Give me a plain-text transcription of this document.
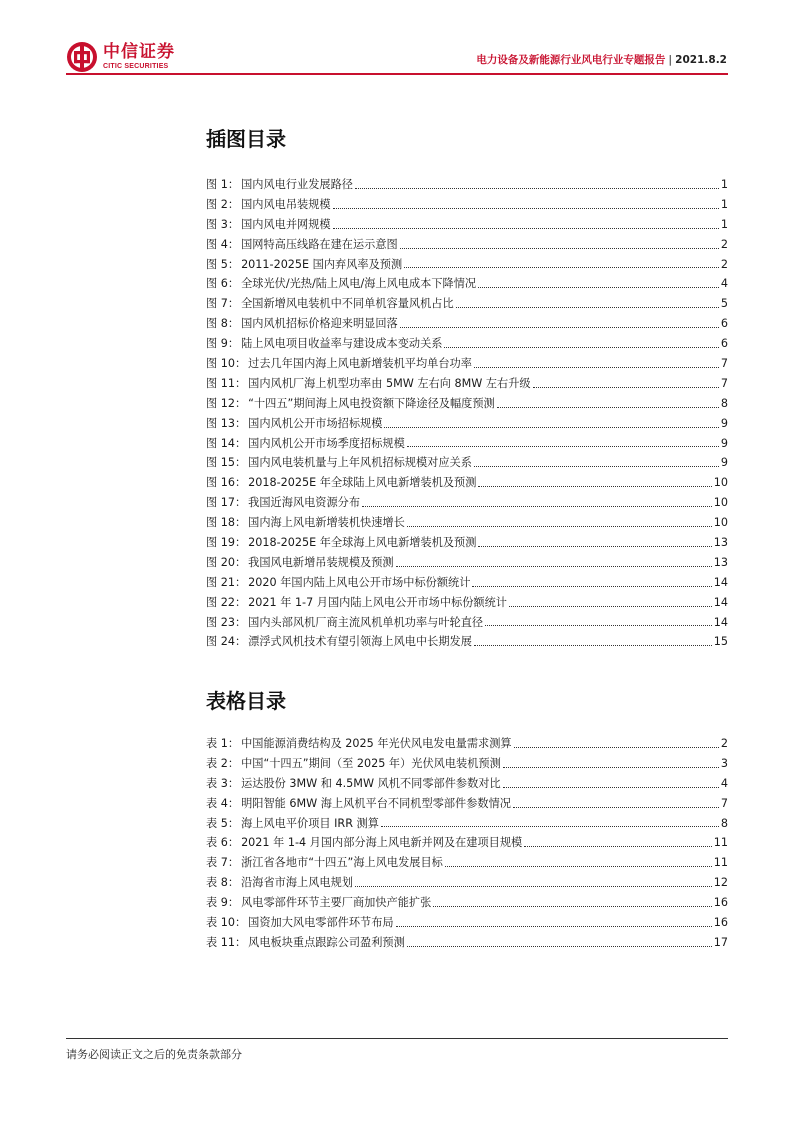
中信证券
CITIC SECURITIES
电力设备及新能源行业风电行业专题报告 | 2021.8.2
插图目录
图 1： 国内风电行业发展路径	1
图 2： 国内风电吊装规模	1
图 3： 国内风电并网规模	1
图 4： 国网特高压线路在建在运示意图	2
图 5： 2011-2025E 国内弃风率及预测	2
图 6： 全球光伏/光热/陆上风电/海上风电成本下降情况	4
图 7： 全国新增风电装机中不同单机容量风机占比	5
图 8： 国内风机招标价格迎来明显回落	6
图 9： 陆上风电项目收益率与建设成本变动关系	6
图 10： 过去几年国内海上风电新增装机平均单台功率	7
图 11： 国内风机厂海上机型功率由 5MW 左右向 8MW 左右升级	7
图 12： “十四五”期间海上风电投资额下降途径及幅度预测	8
图 13： 国内风机公开市场招标规模	9
图 14： 国内风机公开市场季度招标规模	9
图 15： 国内风电装机量与上年风机招标规模对应关系	9
图 16： 2018-2025E 年全球陆上风电新增装机及预测	10
图 17： 我国近海风电资源分布	10
图 18： 国内海上风电新增装机快速增长	10
图 19： 2018-2025E 年全球海上风电新增装机及预测	13
图 20： 我国风电新增吊装规模及预测	13
图 21： 2020 年国内陆上风电公开市场中标份额统计	14
图 22： 2021 年 1-7 月国内陆上风电公开市场中标份额统计	14
图 23： 国内头部风机厂商主流风机单机功率与叶轮直径	14
图 24： 漂浮式风机技术有望引领海上风电中长期发展	15
表格目录
表 1： 中国能源消费结构及 2025 年光伏风电发电量需求测算	2
表 2： 中国“十四五”期间（至 2025 年）光伏风电装机预测	3
表 3： 运达股份 3MW 和 4.5MW 风机不同零部件参数对比	4
表 4： 明阳智能 6MW 海上风机平台不同机型零部件参数情况	7
表 5： 海上风电平价项目 IRR 测算	8
表 6： 2021 年 1-4 月国内部分海上风电新并网及在建项目规模	11
表 7： 浙江省各地市“十四五”海上风电发展目标	11
表 8： 沿海省市海上风电规划	12
表 9： 风电零部件环节主要厂商加快产能扩张	16
表 10： 国资加大风电零部件环节布局	16
表 11： 风电板块重点跟踪公司盈利预测	17
请务必阅读正文之后的免责条款部分
